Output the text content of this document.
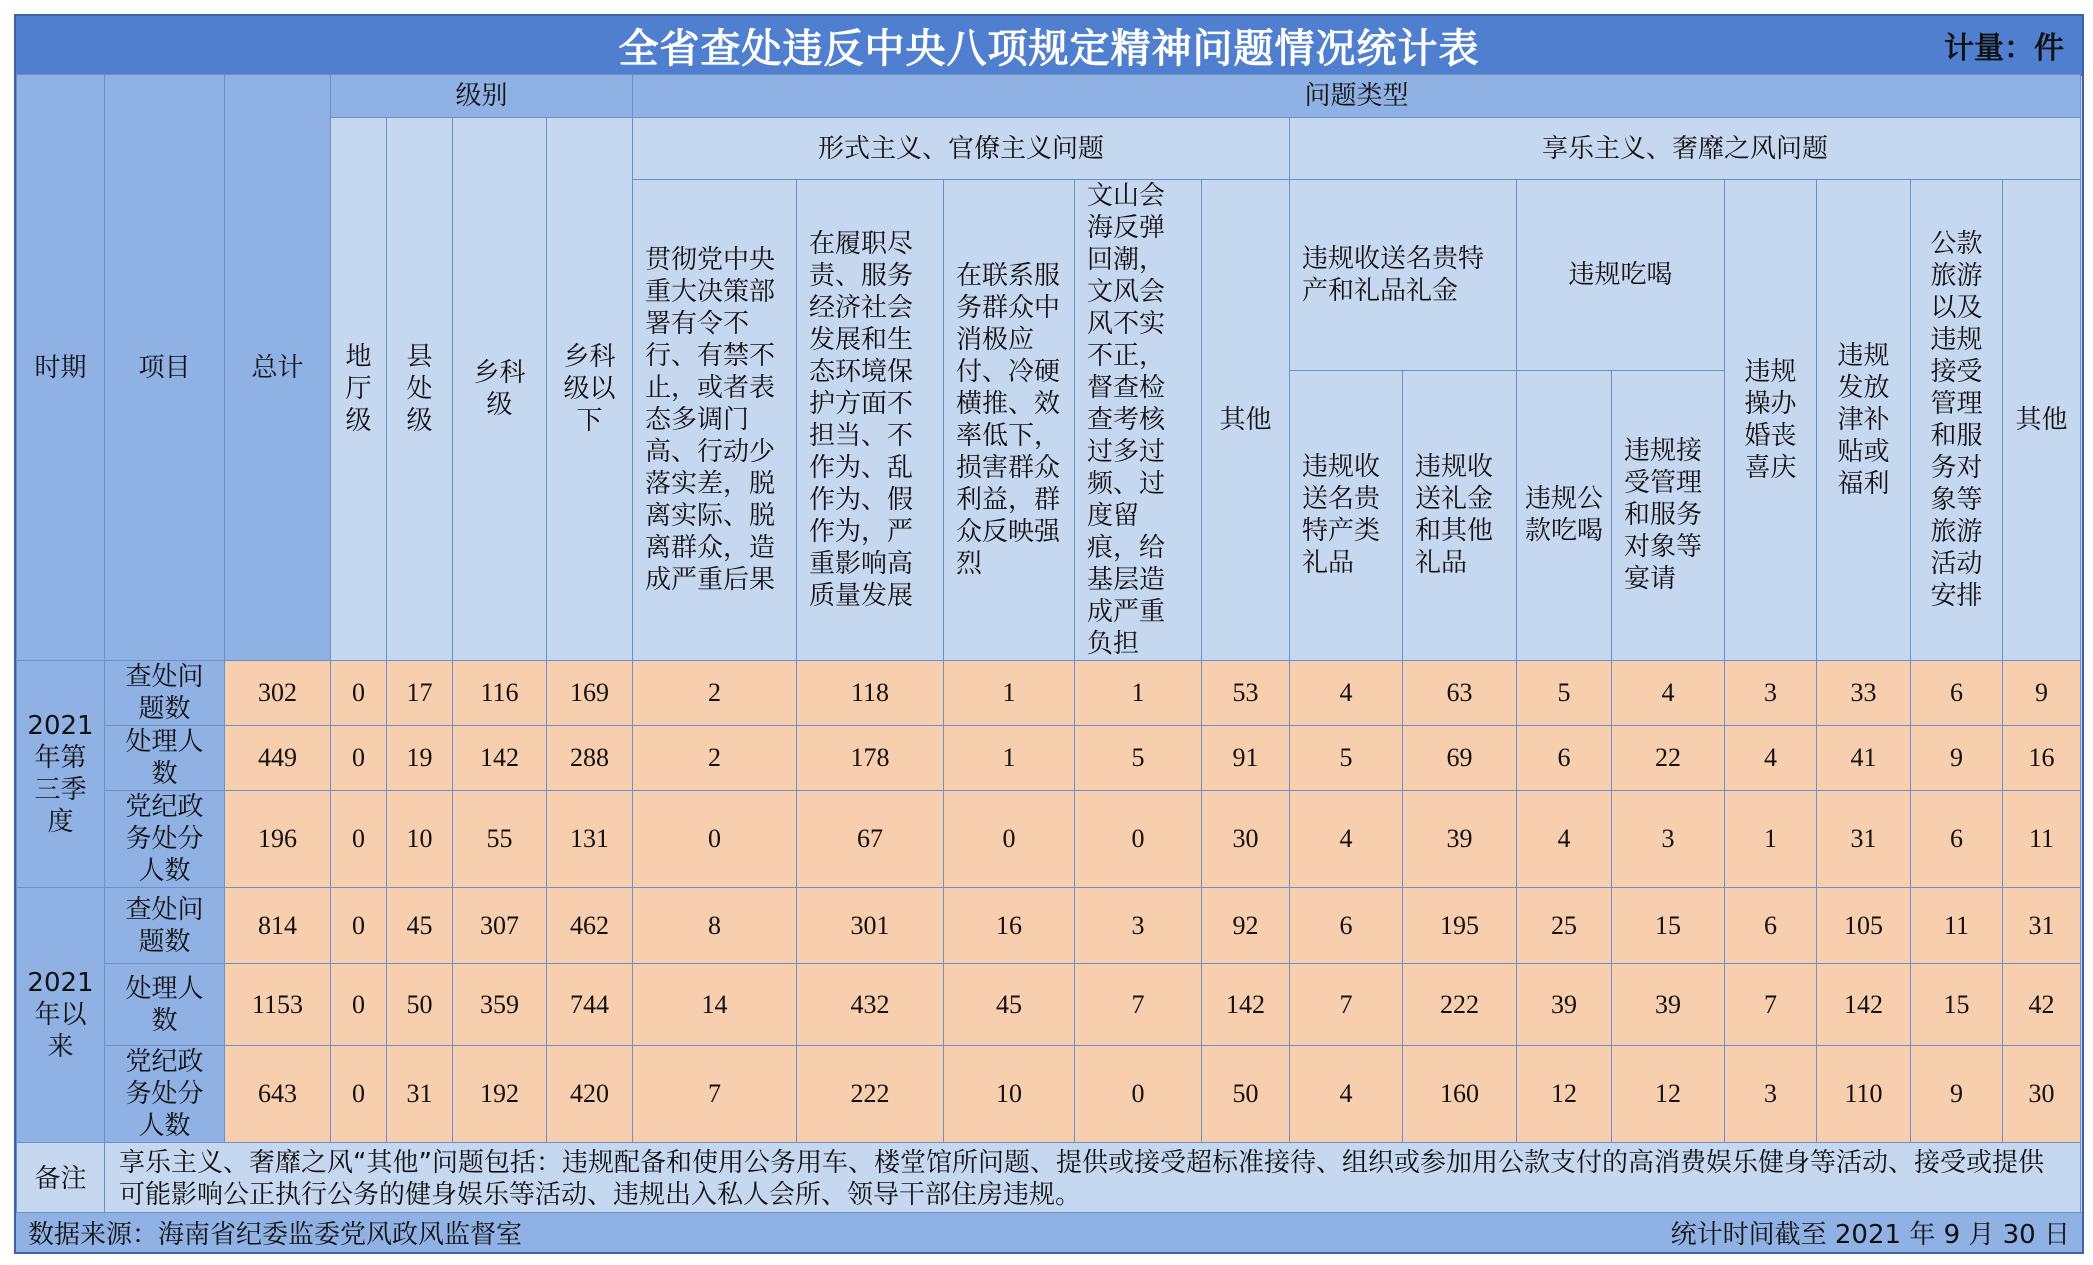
全省查处违反中央八项规定精神问题情况统计表	计量：件
时期	项目	总计	级别				问题类型												
			地厅级	县处级	乡科级	乡科级以下	形式主义、官僚主义问题					享乐主义、奢靡之风问题							
							贯彻党中央重大决策部署有令不行、有禁不止，或者表态多调门高、行动少落实差，脱离实际、脱离群众，造成严重后果	在履职尽责、服务经济社会发展和生态环境保护方面不担当、不作为、乱作为、假作为，严重影响高质量发展	在联系服务群众中消极应付、冷硬横推、效率低下，损害群众利益，群众反映强烈	文山会海反弹回潮，文风会风不实不正，督查检查考核过多过频、过度留痕，给基层造成严重负担	其他	违规收送名贵特产和礼品礼金		违规吃喝		违规操办婚丧喜庆	违规发放津补贴或福利	公款旅游以及违规接受管理和服务对象等旅游活动安排	其他
												违规收送名贵特产类礼品	违规收送礼金和其他礼品	违规公款吃喝	违规接受管理和服务对象等宴请				
2021年第三季度	查处问题数	302	0	17	116	169	2	118	1	1	53	4	63	5	4	3	33	6	9
	处理人数	449	0	19	142	288	2	178	1	5	91	5	69	6	22	4	41	9	16
	党纪政务处分人数	196	0	10	55	131	0	67	0	0	30	4	39	4	3	1	31	6	11
2021年以来	查处问题数	814	0	45	307	462	8	301	16	3	92	6	195	25	15	6	105	11	31
	处理人数	1153	0	50	359	744	14	432	45	7	142	7	222	39	39	7	142	15	42
	党纪政务处分人数	643	0	31	192	420	7	222	10	0	50	4	160	12	12	3	110	9	30
备注	享乐主义、奢靡之风“其他”问题包括：违规配备和使用公务用车、楼堂馆所问题、提供或接受超标准接待、组织或参加用公款支付的高消费娱乐健身等活动、接受或提供可能影响公正执行公务的健身娱乐等活动、违规出入私人会所、领导干部住房违规。																		
数据来源：海南省纪委监委党风政风监督室	统计时间截至 2021 年 9 月 30 日
